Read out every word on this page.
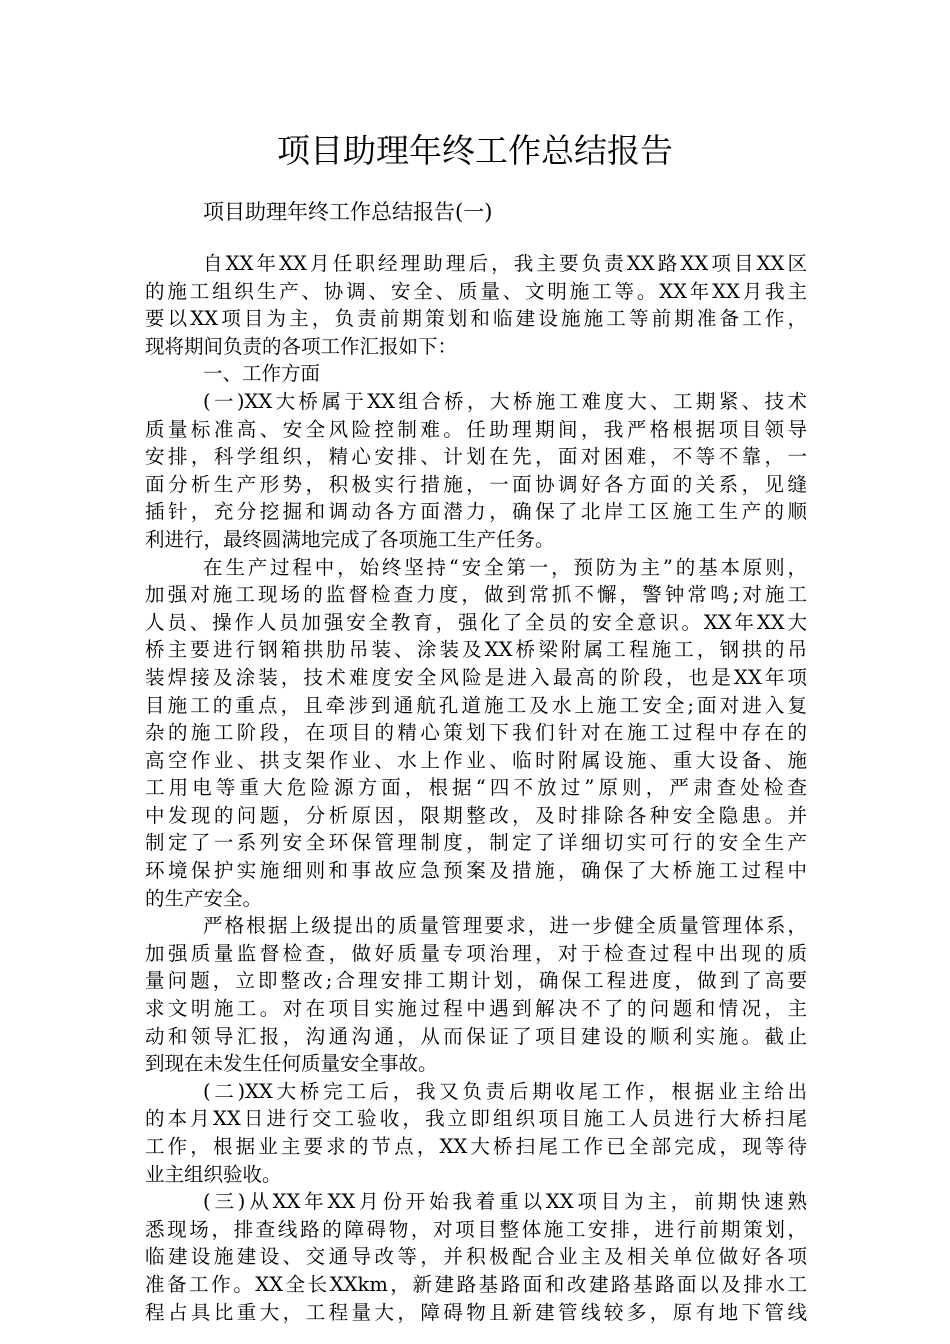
项目助理年终工作总结报告
项目助理年终工作总结报告(一)
自XX年XX月任职经理助理后，我主要负责XX路XX项目XX区
的施工组织生产、协调、安全、质量、文明施工等。XX年XX月我主
要以XX项目为主，负责前期策划和临建设施施工等前期准备工作，
现将期间负责的各项工作汇报如下：
一、工作方面
(一)XX大桥属于XX组合桥，大桥施工难度大、工期紧、技术
质量标准高、安全风险控制难。任助理期间，我严格根据项目领导
安排，科学组织，精心安排、计划在先，面对困难，不等不靠，一
面分析生产形势，积极实行措施，一面协调好各方面的关系，见缝
插针，充分挖掘和调动各方面潜力，确保了北岸工区施工生产的顺
利进行，最终圆满地完成了各项施工生产任务。
在生产过程中，始终坚持“安全第一，预防为主”的基本原则，
加强对施工现场的监督检查力度，做到常抓不懈，警钟常鸣;对施工
人员、操作人员加强安全教育，强化了全员的安全意识。XX年XX大
桥主要进行钢箱拱肋吊装、涂装及XX桥梁附属工程施工，钢拱的吊
装焊接及涂装，技术难度安全风险是进入最高的阶段，也是XX年项
目施工的重点，且牵涉到通航孔道施工及水上施工安全;面对进入复
杂的施工阶段，在项目的精心策划下我们针对在施工过程中存在的
高空作业、拱支架作业、水上作业、临时附属设施、重大设备、施
工用电等重大危险源方面，根据“四不放过”原则，严肃查处检查
中发现的问题，分析原因，限期整改，及时排除各种安全隐患。并
制定了一系列安全环保管理制度，制定了详细切实可行的安全生产
环境保护实施细则和事故应急预案及措施，确保了大桥施工过程中
的生产安全。
严格根据上级提出的质量管理要求，进一步健全质量管理体系，
加强质量监督检查，做好质量专项治理，对于检查过程中出现的质
量问题，立即整改;合理安排工期计划，确保工程进度，做到了高要
求文明施工。对在项目实施过程中遇到解决不了的问题和情况，主
动和领导汇报，沟通沟通，从而保证了项目建设的顺利实施。截止
到现在未发生任何质量安全事故。
(二)XX大桥完工后，我又负责后期收尾工作，根据业主给出
的本月XX日进行交工验收，我立即组织项目施工人员进行大桥扫尾
工作，根据业主要求的节点，XX大桥扫尾工作已全部完成，现等待
业主组织验收。
(三)从XX年XX月份开始我着重以XX项目为主，前期快速熟
悉现场，排查线路的障碍物，对项目整体施工安排，进行前期策划，
临建设施建设、交通导改等，并积极配合业主及相关单位做好各项
准备工作。XX全长XXkm，新建路基路面和改建路基路面以及排水工
程占具比重大，工程量大，障碍物且新建管线较多，原有地下管线
